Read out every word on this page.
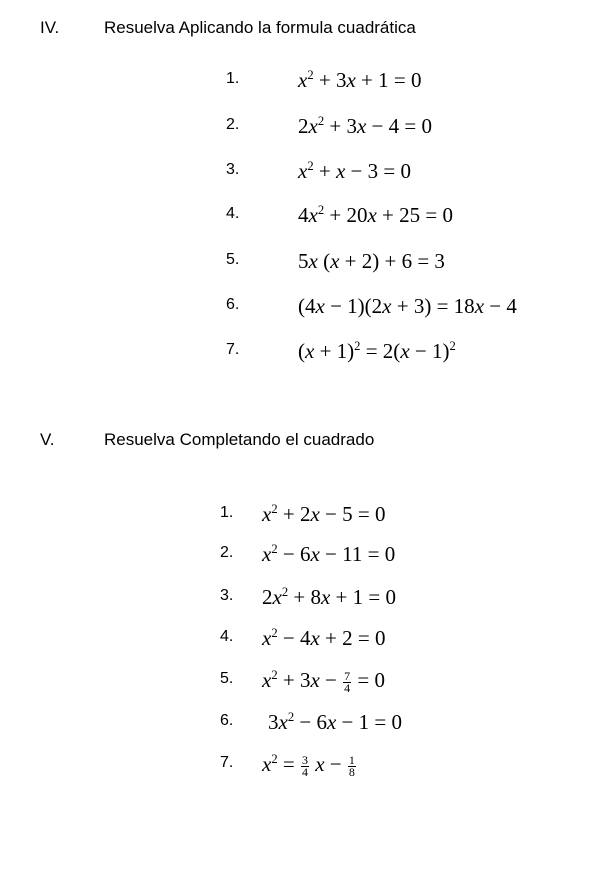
IV.	Resuelva Aplicando la formula cuadrática
1.	$x^2 + 3x + 1 = 0$
2.	$2x^2 + 3x - 4 = 0$
3.	$x^2 + x - 3 = 0$
4.	$4x^2 + 20x + 25 = 0$
5.	5x (x + 2) + 6 = 3
6.	(4x − 1)(2x + 3) = 18x − 4
7.	$(x + 1)^2 = 2(x - 1)^2$
V.	Resuelva Completando el cuadrado
1. $x^2 + 2x - 5 = 0$
2. $x^2 - 6x - 11 = 0$
3. $2x^2 + 8x + 1 = 0$
4. $x^2 - 4x + 2 = 0$
5. $x^2 + 3x - \frac{7}{4} = 0$
6. $3x^2 - 6x - 1 = 0$
7. $x^2 = \frac{3}{4}$ $x - \frac{1}{8}$
